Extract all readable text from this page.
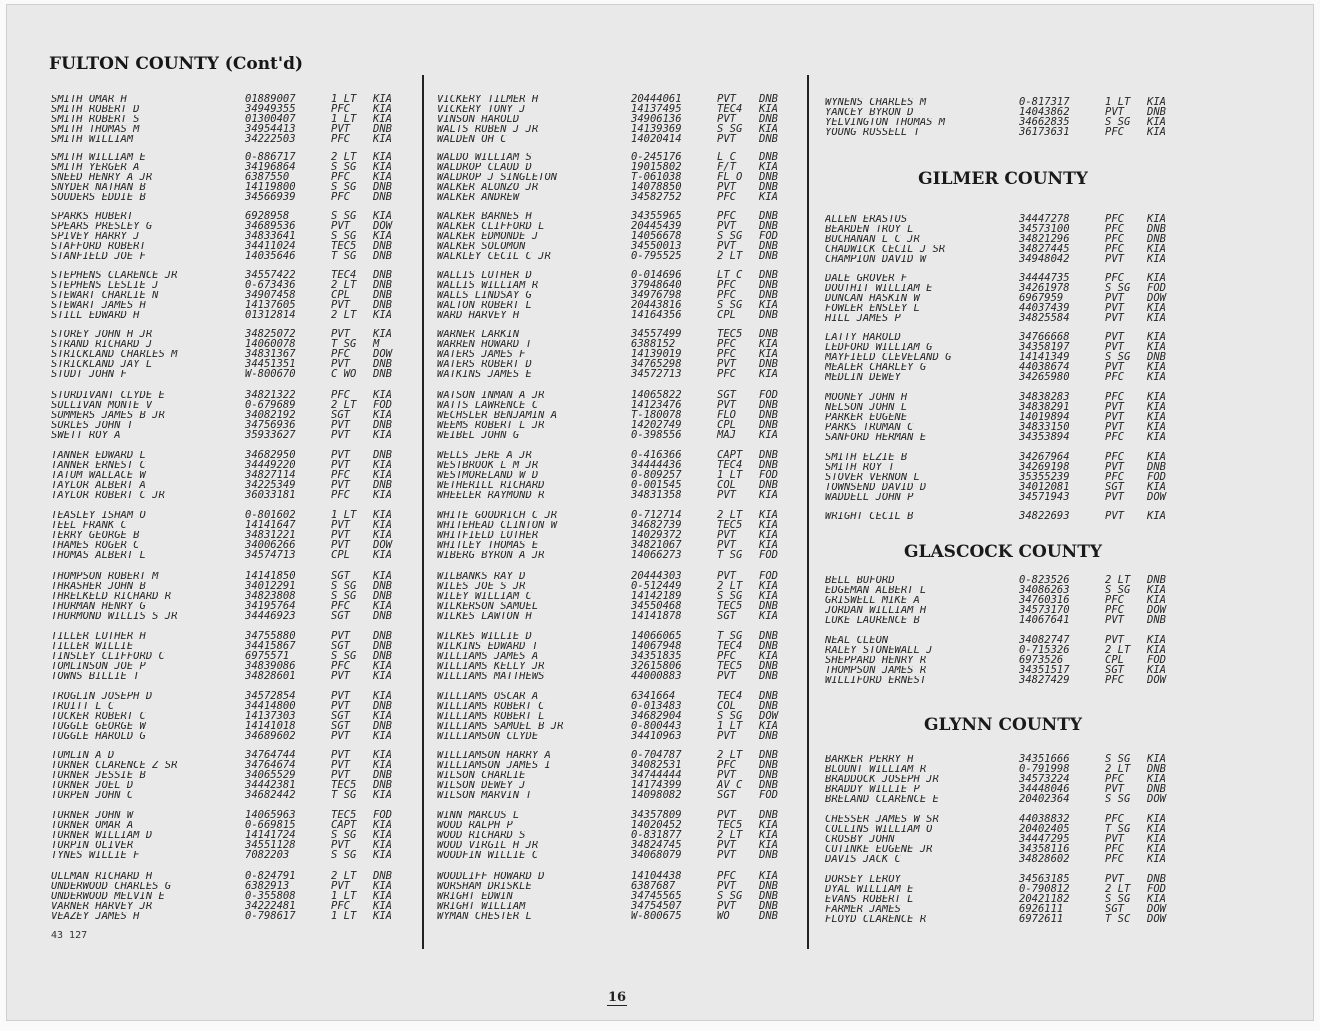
FULTON COUNTY (Cont'd)
SMITH OMAR H	01889007	1 LT	KIA
SMITH ROBERT D	34949355	PFC	KIA
SMITH ROBERT S	01300407	1 LT	KIA
SMITH THOMAS M	34954413	PVT	DNB
SMITH WILLIAM	34222503	PFC	KIA
SMITH WILLIAM E	0-886717	2 LT	KIA
SMITH YERGER A	34196864	S SG	KIA
SNEED HENRY A JR	6387550	PFC	KIA
SNYDER NATHAN B	14119800	S SG	DNB
SOUDERS EDDIE B	34566939	PFC	DNB
SPARKS HUBERT	6928958	S SG	KIA
SPEARS PRESLEY G	34689536	PVT	DOW
SPIVEY HARRY J	34833641	S SG	KIA
STAFFORD ROBERT	34411024	TEC5	DNB
STANFIELD JOE F	14035646	T SG	DNB
STEPHENS CLARENCE JR	34557422	TEC4	DNB
STEPHENS LESLIE J	0-673436	2 LT	DNB
STEWART CHARLIE N	34907458	CPL	DNB
STEWART JAMES H	14137605	PVT	DNB
STILL EDWARD H	01312814	2 LT	KIA
STOREY JOHN H JR	34825072	PVT	KIA
STRAND RICHARD J	14060078	T SG	M
STRICKLAND CHARLES M	34831367	PFC	DOW
STRICKLAND JAY L	34451351	PVT	DNB
STUDT JOHN F	W-800670	C WO	DNB
STURDIVANT CLYDE E	34821322	PFC	KIA
SULLIVAN MONTE V	0-679689	2 LT	FOD
SUMMERS JAMES B JR	34082192	SGT	KIA
SURLES JOHN T	34756936	PVT	DNB
SWETT ROY A	35933627	PVT	KIA
TANNER EDWARD L	34682950	PVT	DNB
TANNER ERNEST C	34449220	PVT	KIA
TATUM WALLACE W	34827114	PFC	KIA
TAYLOR ALBERT A	34225349	PVT	DNB
TAYLOR ROBERT C JR	36033181	PFC	KIA
TEASLEY ISHAM O	0-801602	1 LT	KIA
TEEL FRANK C	14141647	PVT	KIA
TERRY GEORGE B	34831221	PVT	KIA
THAMES ROGER C	34006266	PVT	DOW
THOMAS ALBERT L	34574713	CPL	KIA
THOMPSON ROBERT M	14141850	SGT	KIA
THRASHER JOHN B	34012291	S SG	DNB
THRELKELD RICHARD R	34823808	S SG	DNB
THURMAN HENRY G	34195764	PFC	KIA
THURMOND WILLIS S JR	34446923	SGT	DNB
TILLER LUTHER H	34755880	PVT	DNB
TILLER WILLIE	34415867	SGT	DNB
TINSLEY CLIFFORD C	6975571	S SG	DNB
TOMLINSON JOE P	34839086	PFC	KIA
TOWNS BILLIE T	34828601	PVT	KIA
TROGLIN JOSEPH D	34572854	PVT	KIA
TRUITT L C	34414800	PVT	DNB
TUCKER ROBERT C	14137303	SGT	KIA
TUGGLE GEORGE W	14141018	SGT	DNB
TUGGLE HAROLD G	34689602	PVT	KIA
TUMLIN A D	34764744	PVT	KIA
TURNER CLARENCE Z SR	34764674	PVT	KIA
TURNER JESSIE B	34065529	PVT	DNB
TURNER JOEL D	34442381	TEC5	DNB
TURPEN JOHN C	34682442	T SG	KIA
TURNER JOHN W	14065963	TEC5	FOD
TURNER OMAR A	0-669815	CAPT	KIA
TURNER WILLIAM D	14141724	S SG	KIA
TURPIN OLIVER	34551128	PVT	KIA
TYNES WILLIE F	7082203	S SG	KIA
ULLMAN RICHARD H	0-824791	2 LT	DNB
UNDERWOOD CHARLES G	6382913	PVT	KIA
UNDERWOOD MELVIN E	0-355808	1 LT	KIA
VARNER HARVEY JR	34222481	PFC	KIA
VEAZEY JAMES H	0-798617	1 LT	KIA
VICKERY TILMER H	20444061	PVT	DNB
VICKERY TONY J	14137495	TEC4	KIA
VINSON HAROLD	34906136	PVT	DNB
WALTS RUBEN J JR	14139369	S SG	KIA
WALDEN OH C	14020414	PVT	DNB
WALDO WILLIAM S	0-245176	L C	DNB
WALDROP CLAUD D	19015802	F/T	KIA
WALDROP J SINGLETON	T-061038	FL O	DNB
WALKER ALONZO JR	14078850	PVT	DNB
WALKER ANDREW	34582752	PFC	KIA
WALKER BARNES H	34355965	PFC	DNB
WALKER CLIFFORD L	20445439	PVT	DNB
WALKER EDMONDE J	14056678	S SG	FOD
WALKER SOLOMON	34550013	PVT	DNB
WALKLEY CECIL C JR	0-795525	2 LT	DNB
WALLIS LUTHER D	0-014696	LT C	DNB
WALLIS WILLIAM R	37948640	PFC	DNB
WALLS LINDSAY G	34976798	PFC	DNB
WALTON ROBERT L	20443816	S SG	KIA
WARD HARVEY H	14164356	CPL	DNB
WARNER LARKIN	34557499	TEC5	DNB
WARREN HOWARD T	6388152	PFC	KIA
WATERS JAMES F	14139019	PFC	KIA
WATERS ROBERT D	34765298	PVT	DNB
WATKINS JAMES E	34572713	PFC	KIA
WATSON INMAN A JR	14065822	SGT	FOD
WATTS LAWRENCE C	14123476	PVT	DNB
WECHSLER BENJAMIN A	T-180078	FLO	DNB
WEEMS ROBERT L JR	14202749	CPL	DNB
WEIBEL JOHN G	0-398556	MAJ	KIA
WELLS JERE A JR	0-416366	CAPT	DNB
WESTBROOK L M JR	34444436	TEC4	DNB
WESTMORELAND W D	0-809257	1 LT	FOD
WETHERILL RICHARD	0-001545	COL	DNB
WHEELER RAYMOND R	34831358	PVT	KIA
WHITE GOODRICH C JR	0-712714	2 LT	KIA
WHITEHEAD CLINTON W	34682739	TEC5	KIA
WHITFIELD LUTHER	14029372	PVT	KIA
WHITLEY THOMAS E	34821067	PVT	KIA
WIBERG BYRON A JR	14066273	T SG	FOD
WILBANKS RAY D	20444303	PVT	FOD
WILES JOE S JR	0-512449	2 LT	KIA
WILEY WILLIAM C	14142189	S SG	KIA
WILKERSON SAMUEL	34550468	TEC5	DNB
WILKES LAWTON H	14141878	SGT	KIA
WILKES WILLIE D	14066065	T SG	DNB
WILKINS EDWARD T	14067948	TEC4	DNB
WILLIAMS JAMES A	34351835	PFC	KIA
WILLIAMS KELLY JR	32615806	TEC5	DNB
WILLIAMS MATTHEWS	44000883	PVT	DNB
WILLIAMS OSCAR A	6341664	TEC4	DNB
WILLIAMS ROBERT C	0-013483	COL	DNB
WILLIAMS ROBERT L	34682904	S SG	DOW
WILLIAMS SAMUEL B JR	0-800443	1 LT	KIA
WILLIAMSON CLYDE	34410963	PVT	DNB
WILLIAMSON HARRY A	0-704787	2 LT	DNB
WILLIAMSON JAMES I	34082531	PFC	DNB
WILSON CHARLIE	34744444	PVT	DNB
WILSON DEWEY J	14174399	AV C	DNB
WILSON MARVIN T	14098082	SGT	FOD
WINN MARCUS L	34357809	PVT	DNB
WOOD RALPH P	14020452	TEC5	KIA
WOOD RICHARD S	0-831877	2 LT	KIA
WOOD VIRGIL H JR	34824745	PVT	KIA
WOODFIN WILLIE C	34068079	PVT	DNB
WOODLIFF HOWARD D	14104438	PFC	KIA
WORSHAM DRISKLE	6387687	PVT	DNB
WRIGHT EDWIN	34745565	S SG	DNB
WRIGHT WILLIAM	34754507	PVT	DNB
WYMAN CHESTER L	W-800675	WO	DNB
WYNENS CHARLES M	0-817317	1 LT	KIA
YANCEY BYRON D	14043862	PVT	DNB
YELVINGTON THOMAS M	34662835	S SG	KIA
YOUNG RUSSELL T	36173631	PFC	KIA
ALLEN ERASTUS	34447278	PFC	KIA
BEARDEN TROY L	34573100	PFC	DNB
BUCHANAN L C JR	34821296	PFC	DNB
CHADWICK CECIL J SR	34827445	PFC	KIA
CHAMPION DAVID W	34948042	PVT	KIA
DALE GROVER F	34444735	PFC	KIA
DOUTHIT WILLIAM E	34261978	S SG	FOD
DUNCAN HASKIN W	6967959	PVT	DOW
FOWLER ENSLEY L	44037439	PVT	KIA
HILL JAMES P	34825584	PVT	KIA
LATTY HAROLD	34766668	PVT	KIA
LEDFORD WILLIAM G	34358197	PVT	KIA
MAYFIELD CLEVELAND G	14141349	S SG	DNB
MEALER CHARLEY G	44038674	PVT	KIA
MEDLIN DEWEY	34265980	PFC	KIA
MOONEY JOHN H	34838283	PFC	KIA
NELSON JOHN L	34838291	PVT	KIA
PARKER EUGENE	14019894	PVT	KIA
PARKS TRUMAN C	34833150	PVT	KIA
SANFORD HERMAN E	34353894	PFC	KIA
SMITH ELZIE B	34267964	PFC	KIA
SMITH ROY T	34269198	PVT	DNB
STOVER VERNON L	35355239	PFC	FOD
TOWNSEND DAVID D	34012081	SGT	KIA
WADDELL JOHN P	34571943	PVT	DOW
WRIGHT CECIL B	34822693	PVT	KIA
BELL BUFORD	0-823526	2 LT	DNB
EDGEMAN ALBERT L	34086263	S SG	KIA
GRISWELL MIKE A	34760316	PFC	KIA
JORDAN WILLIAM H	34573170	PFC	DOW
LUKE LAURENCE B	14067641	PVT	DNB
NEAL CLEON	34082747	PVT	KIA
RALEY STONEWALL J	0-715326	2 LT	KIA
SHEPPARD HENRY R	6973526	CPL	FOD
THOMPSON JAMES R	34351517	SGT	KIA
WILLIFORD ERNEST	34827429	PFC	DOW
BARKER PERRY H	34351666	S SG	KIA
BLOUNT WILLIAM R	0-791998	2 LT	DNB
BRADDOCK JOSEPH JR	34573224	PFC	KIA
BRADDY WILLIE P	34448046	PVT	DNB
BRELAND CLARENCE E	20402364	S SG	DOW
CHESSER JAMES W SR	44038832	PFC	KIA
COLLINS WILLIAM O	20402405	T SG	KIA
CROSBY JOHN	34447295	PVT	KIA
CUTINKE EUGENE JR	34358116	PFC	KIA
DAVIS JACK C	34828602	PFC	KIA
DORSEY LEROY	34563185	PVT	DNB
DYAL WILLIAM E	0-790812	2 LT	FOD
EVANS ROBERT L	20421182	S SG	KIA
FARMER JAMES	6926111	SGT	DOW
FLOYD CLARENCE R	6972611	T SC	DOW
GILMER COUNTY
GLASCOCK COUNTY
GLYNN COUNTY

43 127

16
